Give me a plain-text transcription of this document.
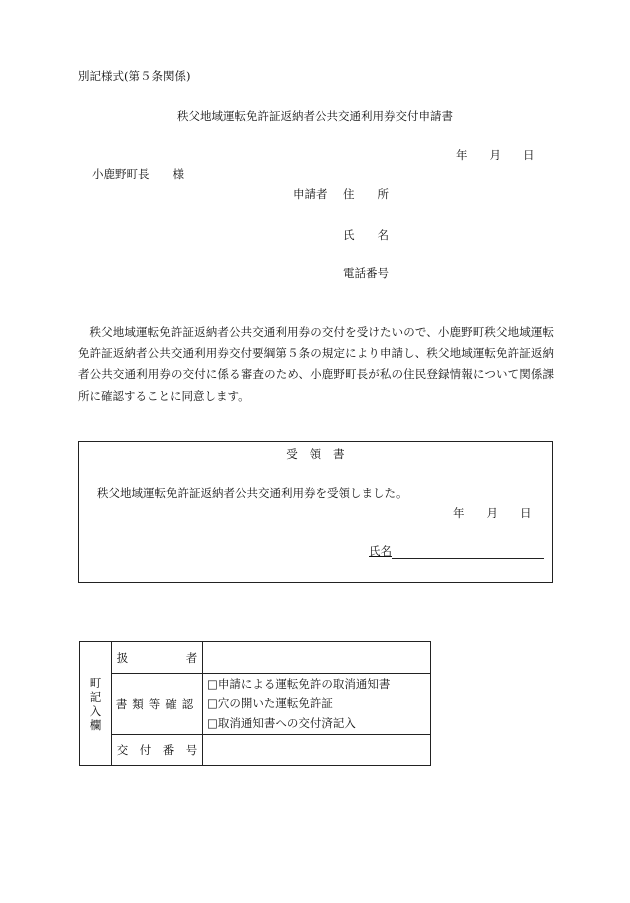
別記様式(第５条関係)
秩父地域運転免許証返納者公共交通利用券交付申請書
年 月 日
小鹿野町長　　様
申請者 住　　所
氏　　名
電話番号
秩父地域運転免許証返納者公共交通利用券の交付を受けたいので、小鹿野町秩父地域運転免許証返納者公共交通利用券交付要綱第５条の規定により申請し、秩父地域運転免許証返納者公共交通利用券の交付に係る審査のため、小鹿野町長が私の住民登録情報について関係課所に確認することに同意します。
受　領　書
秩父地域運転免許証返納者公共交通利用券を受領しました。
年 月 日
氏名
町
記
入
欄	扱　　　　　者	
	書類等確認	□申請による運転免許の取消通知書
□穴の開いた運転免許証
□取消通知書への交付済記入

	交　付　番　号	
